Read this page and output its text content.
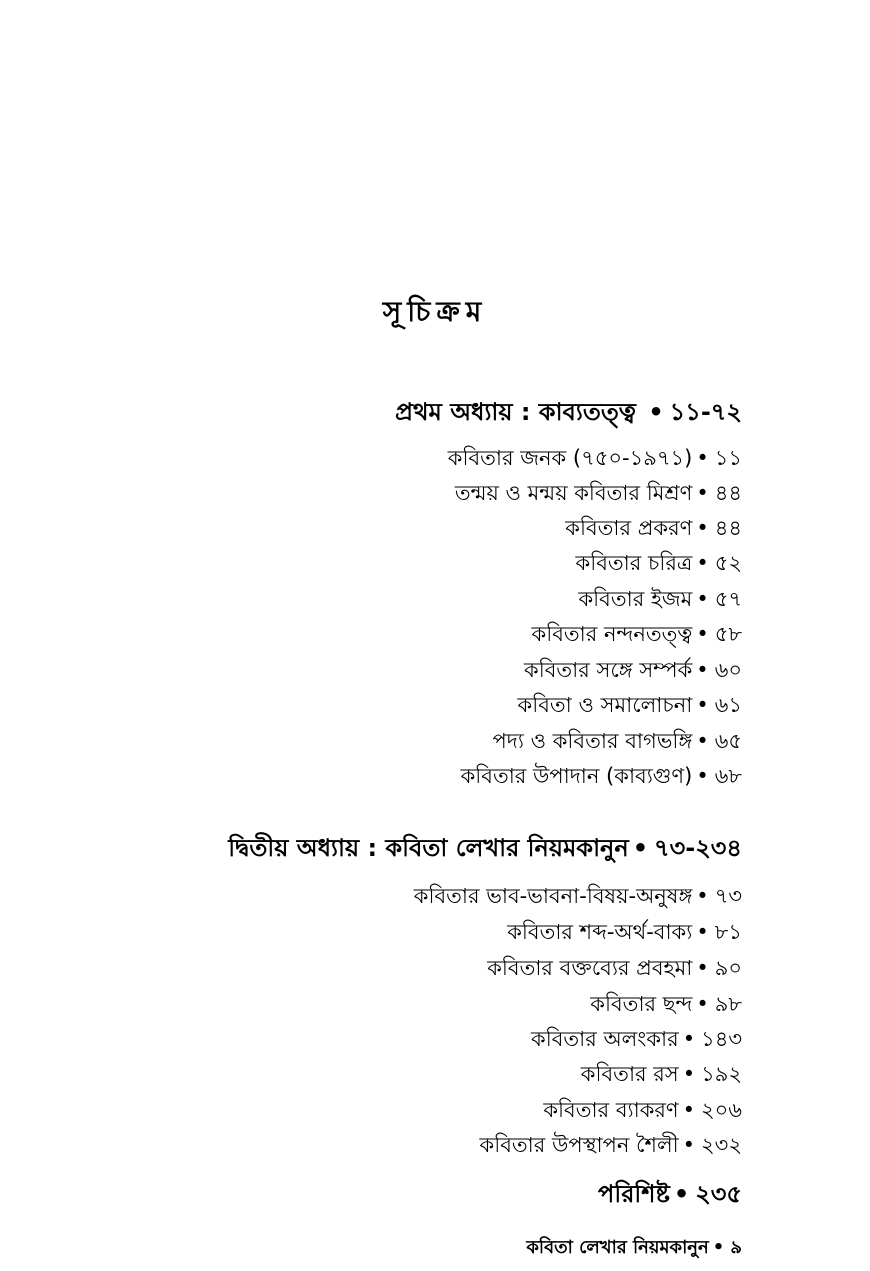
সূচিক্রম
প্রথম অধ্যায় : কাব্যতত্ত্ব • ১১-৭২
কবিতার জনক (৭৫০-১৯৭১) • ১১
তন্ময় ও মন্ময় কবিতার মিশ্রণ • ৪৪
কবিতার প্রকরণ • ৪৪
কবিতার চরিত্র • ৫২
কবিতার ইজম • ৫৭
কবিতার নন্দনতত্ত্ব • ৫৮
কবিতার সঙ্গে সম্পর্ক • ৬০
কবিতা ও সমালোচনা • ৬১
পদ্য ও কবিতার বাগভঙ্গি • ৬৫
কবিতার উপাদান (কাব্যগুণ) • ৬৮
দ্বিতীয় অধ্যায় : কবিতা লেখার নিয়মকানুন • ৭৩-২৩৪
কবিতার ভাব-ভাবনা-বিষয়-অনুষঙ্গ • ৭৩
কবিতার শব্দ-অর্থ-বাক্য • ৮১
কবিতার বক্তব্যের প্রবহমা • ৯০
কবিতার ছন্দ • ৯৮
কবিতার অলংকার • ১৪৩
কবিতার রস • ১৯২
কবিতার ব্যাকরণ • ২০৬
কবিতার উপস্থাপন শৈলী • ২৩২
পরিশিষ্ট • ২৩৫
কবিতা লেখার নিয়মকানুন • ৯
